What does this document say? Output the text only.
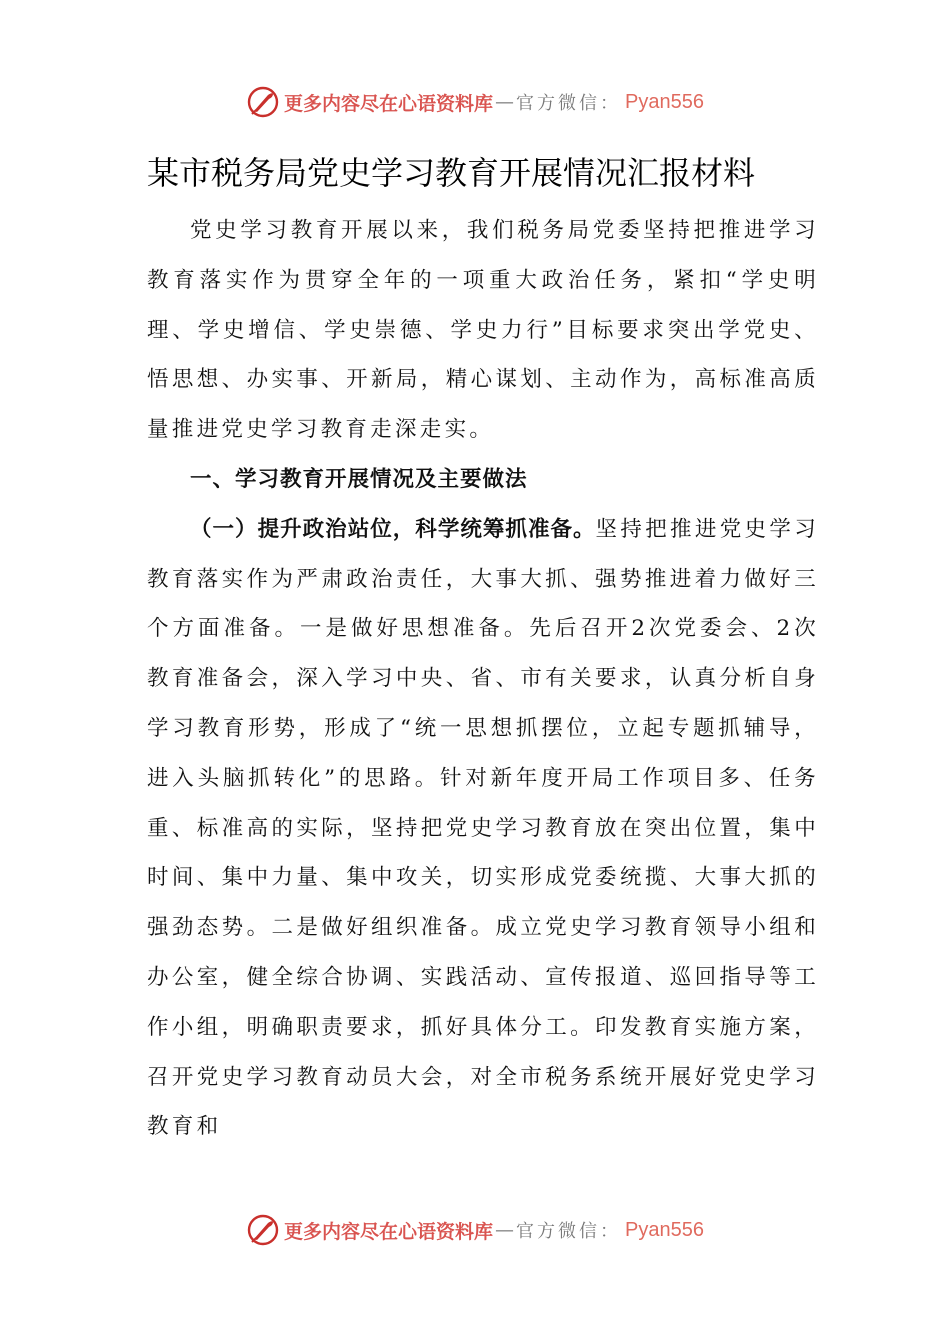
更多内容尽在心语资料库 — 官方微信： Pyan556
某市税务局党史学习教育开展情况汇报材料

党史学习教育开展以来，我们税务局党委坚持把推进学习教育落实作为贯穿全年的一项重大政治任务，紧扣“学史明理、学史增信、学史崇德、学史力行”目标要求突出学党史、悟思想、办实事、开新局，精心谋划、主动作为，高标准高质量推进党史学习教育走深走实。

一、学习教育开展情况及主要做法

（一）提升政治站位，科学统筹抓准备。坚持把推进党史学习教育落实作为严肃政治责任，大事大抓、强势推进着力做好三个方面准备。一是做好思想准备。先后召开2次党委会、2次教育准备会，深入学习中央、省、市有关要求，认真分析自身学习教育形势，形成了“统一思想抓摆位，立起专题抓辅导，进入头脑抓转化”的思路。针对新年度开局工作项目多、任务重、标准高的实际，坚持把党史学习教育放在突出位置，集中时间、集中力量、集中攻关，切实形成党委统揽、大事大抓的强劲态势。二是做好组织准备。成立党史学习教育领导小组和办公室，健全综合协调、实践活动、宣传报道、巡回指导等工作小组，明确职责要求，抓好具体分工。印发教育实施方案，召开党史学习教育动员大会，对全市税务系统开展好党史学习教育和

更多内容尽在心语资料库 — 官方微信： Pyan556
